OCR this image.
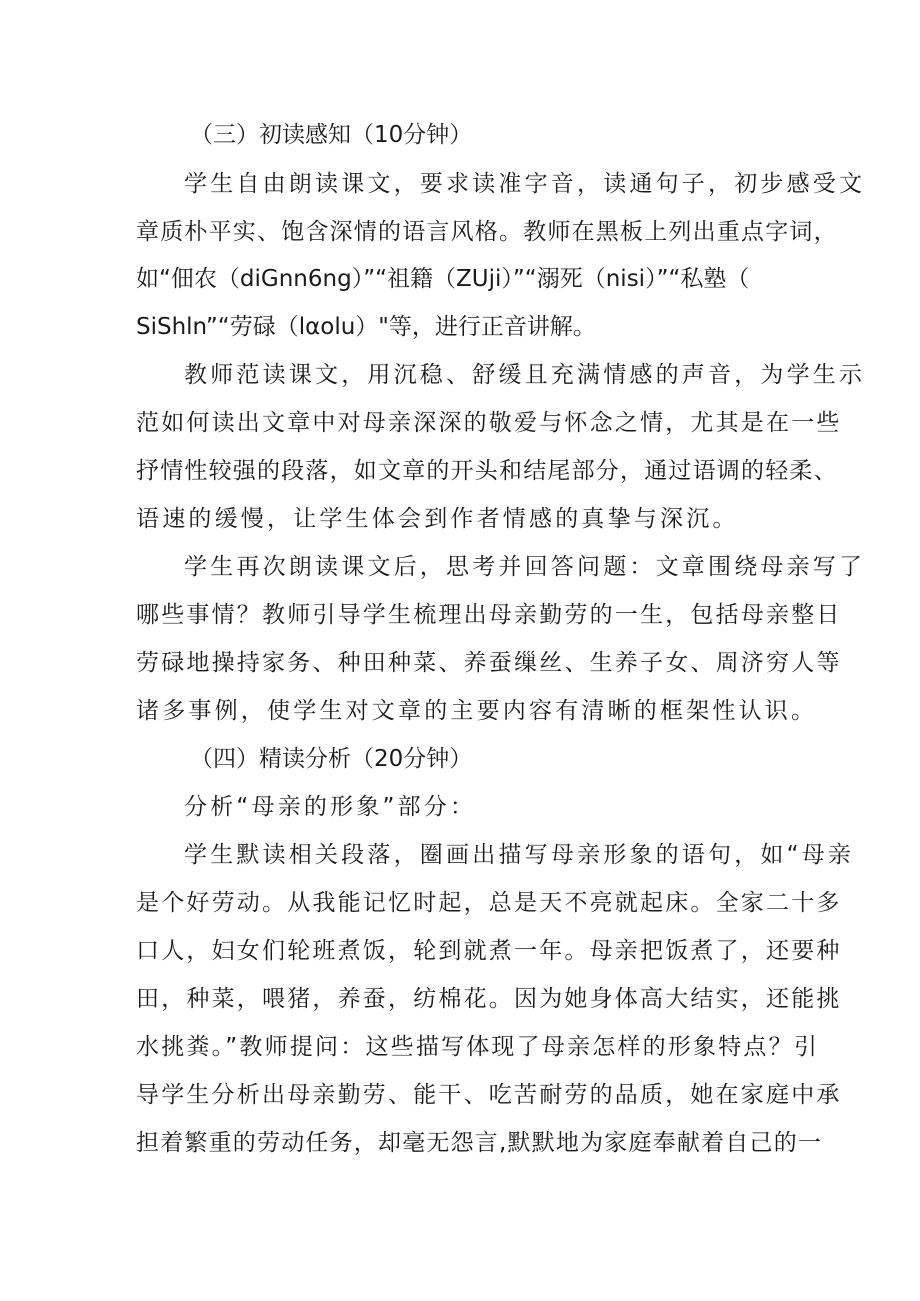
（三）初读感知（10分钟）
学生自由朗读课文，要求读准字音，读通句子，初步感受文
章质朴平实、饱含深情的语言风格。教师在黑板上列出重点字词，
如“佃农（diGnn6ng）”“祖籍（ZUji）”“溺死（nisi）”“私塾（
SiShln”“劳碌（lαolu）"等，进行正音讲解。
教师范读课文，用沉稳、舒缓且充满情感的声音，为学生示
范如何读出文章中对母亲深深的敬爱与怀念之情，尤其是在一些
抒情性较强的段落，如文章的开头和结尾部分，通过语调的轻柔、
语速的缓慢，让学生体会到作者情感的真挚与深沉。
学生再次朗读课文后，思考并回答问题：文章围绕母亲写了
哪些事情？教师引导学生梳理出母亲勤劳的一生，包括母亲整日
劳碌地操持家务、种田种菜、养蚕缫丝、生养子女、周济穷人等
诸多事例，使学生对文章的主要内容有清晰的框架性认识。
（四）精读分析（20分钟）
分析“母亲的形象”部分：
学生默读相关段落，圈画出描写母亲形象的语句，如“母亲
是个好劳动。从我能记忆时起，总是天不亮就起床。全家二十多
口人，妇女们轮班煮饭，轮到就煮一年。母亲把饭煮了，还要种
田，种菜，喂猪，养蚕，纺棉花。因为她身体高大结实，还能挑
水挑粪。”教师提问：这些描写体现了母亲怎样的形象特点？引
导学生分析出母亲勤劳、能干、吃苦耐劳的品质，她在家庭中承
担着繁重的劳动任务，却毫无怨言,默默地为家庭奉献着自己的一
